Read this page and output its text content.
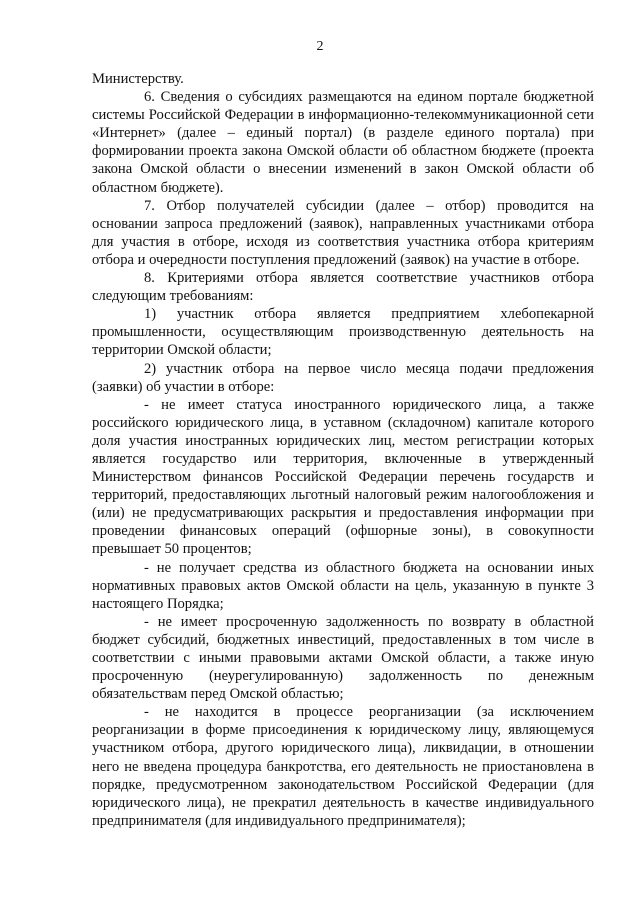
2

Министерству.

6. Сведения о субсидиях размещаются на едином портале бюджетной системы Российской Федерации в информационно-телекоммуникационной сети «Интернет» (далее – единый портал) (в разделе единого портала) при формировании проекта закона Омской области об областном бюджете (проекта закона Омской области о внесении изменений в закон Омской области об областном бюджете).

7. Отбор получателей субсидии (далее – отбор) проводится на основании запроса предложений (заявок), направленных участниками отбора для участия в отборе, исходя из соответствия участника отбора критериям отбора и очередности поступления предложений (заявок) на участие в отборе.

8. Критериями отбора является соответствие участников отбора следующим требованиям:

1) участник отбора является предприятием хлебопекарной промышленности, осуществляющим производственную деятельность на территории Омской области;

2) участник отбора на первое число месяца подачи предложения (заявки) об участии в отборе:

- не имеет статуса иностранного юридического лица, а также российского юридического лица, в уставном (складочном) капитале которого доля участия иностранных юридических лиц, местом регистрации которых является государство или территория, включенные в утвержденный Министерством финансов Российской Федерации перечень государств и территорий, предоставляющих льготный налоговый режим налогообложения и (или) не предусматривающих раскрытия и предоставления информации при проведении финансовых операций (офшорные зоны), в совокупности превышает 50 процентов;

- не получает средства из областного бюджета на основании иных нормативных правовых актов Омской области на цель, указанную в пункте 3 настоящего Порядка;

- не имеет просроченную задолженность по возврату в областной бюджет субсидий, бюджетных инвестиций, предоставленных в том числе в соответствии с иными правовыми актами Омской области, а также иную просроченную (неурегулированную) задолженность по денежным обязательствам перед Омской областью;

- не находится в процессе реорганизации (за исключением реорганизации в форме присоединения к юридическому лицу, являющемуся участником отбора, другого юридического лица), ликвидации, в отношении него не введена процедура банкротства, его деятельность не приостановлена в порядке, предусмотренном законодательством Российской Федерации (для юридического лица), не прекратил деятельность в качестве индивидуального предпринимателя (для индивидуального предпринимателя);
